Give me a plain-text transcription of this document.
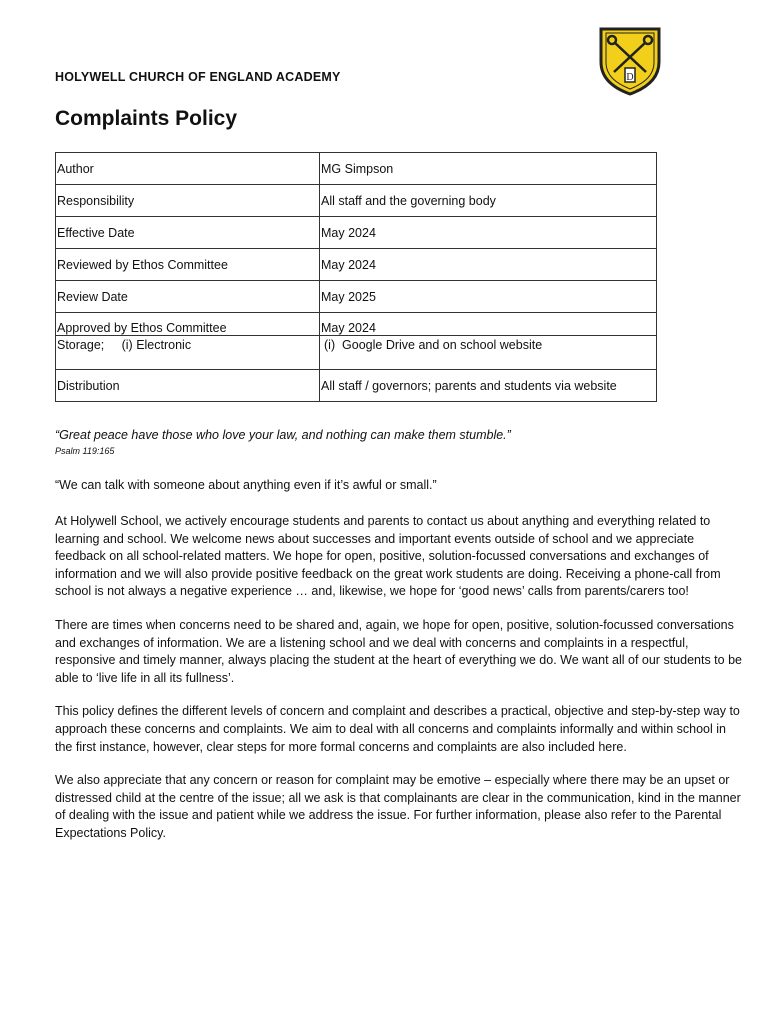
D
HOLYWELL CHURCH OF ENGLAND ACADEMY
Complaints Policy
Author	MG Simpson
Responsibility	All staff and the governing body
Effective Date	May 2024
Reviewed by Ethos Committee	May 2024
Review Date	May 2025
Approved by Ethos Committee	May 2024
Storage;     (i) Electronic	(i)  Google Drive and on school website
Distribution	All staff / governors; parents and students via website
“Great peace have those who love your law, and nothing can make them stumble.”
Psalm 119:165
“We can talk with someone about anything even if it’s awful or small.”

At Holywell School, we actively encourage students and parents to contact us about anything and everything related to learning and school. We welcome news about successes and important events outside of school and we appreciate feedback on all school-related matters. We hope for open, positive, solution-focussed conversations and exchanges of information and we will also provide positive feedback on the great work students are doing. Receiving a phone-call from school is not always a negative experience … and, likewise, we hope for ‘good news’ calls from parents/carers too!

There are times when concerns need to be shared and, again, we hope for open, positive, solution-focussed conversations and exchanges of information. We are a listening school and we deal with concerns and complaints in a respectful, responsive and timely manner, always placing the student at the heart of everything we do. We want all of our students to be able to ‘live life in all its fullness’.

This policy defines the different levels of concern and complaint and describes a practical, objective and step-by-step way to approach these concerns and complaints. We aim to deal with all concerns and complaints informally and within school in the first instance, however, clear steps for more formal concerns and complaints are also included here.

We also appreciate that any concern or reason for complaint may be emotive – especially where there may be an upset or distressed child at the centre of the issue; all we ask is that complainants are clear in the communication, kind in the manner of dealing with the issue and patient while we address the issue. For further information, please also refer to the Parental Expectations Policy.
